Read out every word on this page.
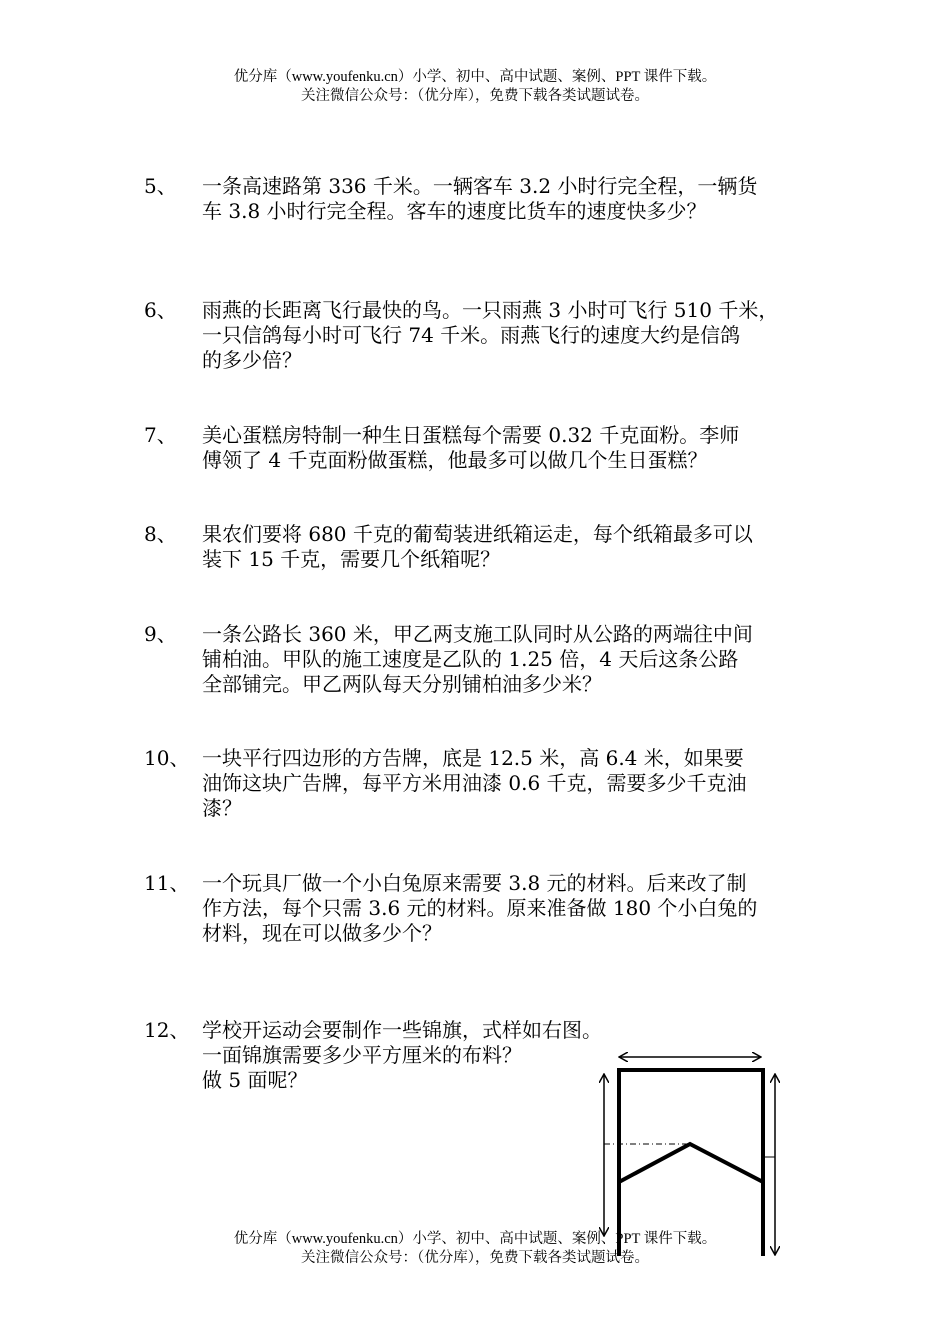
优分库（www.youfenku.cn）小学、初中、高中试题、案例、PPT 课件下载。
关注微信公众号：（优分库），免费下载各类试题试卷。

5、 一条高速路第 336 千米。一辆客车 3.2 小时行完全程，一辆货
车 3.8 小时行完全程。客车的速度比货车的速度快多少？
6、 雨燕的长距离飞行最快的鸟。一只雨燕 3 小时可飞行 510 千米，
一只信鸽每小时可飞行 74 千米。雨燕飞行的速度大约是信鸽
的多少倍？
7、 美心蛋糕房特制一种生日蛋糕每个需要 0.32 千克面粉。李师
傅领了 4 千克面粉做蛋糕，他最多可以做几个生日蛋糕？
8、 果农们要将 680 千克的葡萄装进纸箱运走，每个纸箱最多可以
装下 15 千克，需要几个纸箱呢？
9、 一条公路长 360 米，甲乙两支施工队同时从公路的两端往中间
铺柏油。甲队的施工速度是乙队的 1.25 倍，4 天后这条公路
全部铺完。甲乙两队每天分别铺柏油多少米？
10、 一块平行四边形的方告牌，底是 12.5 米，高 6.4 米，如果要
油饰这块广告牌，每平方米用油漆 0.6 千克，需要多少千克油
漆？
11、 一个玩具厂做一个小白兔原来需要 3.8 元的材料。后来改了制
作方法，每个只需 3.6 元的材料。原来准备做 180 个小白兔的
材料，现在可以做多少个？
12、 学校开运动会要制作一些锦旗，式样如右图。
一面锦旗需要多少平方厘米的布料？
做 5 面呢？

优分库（www.youfenku.cn）小学、初中、高中试题、案例、PPT 课件下载。
关注微信公众号：（优分库），免费下载各类试题试卷。
